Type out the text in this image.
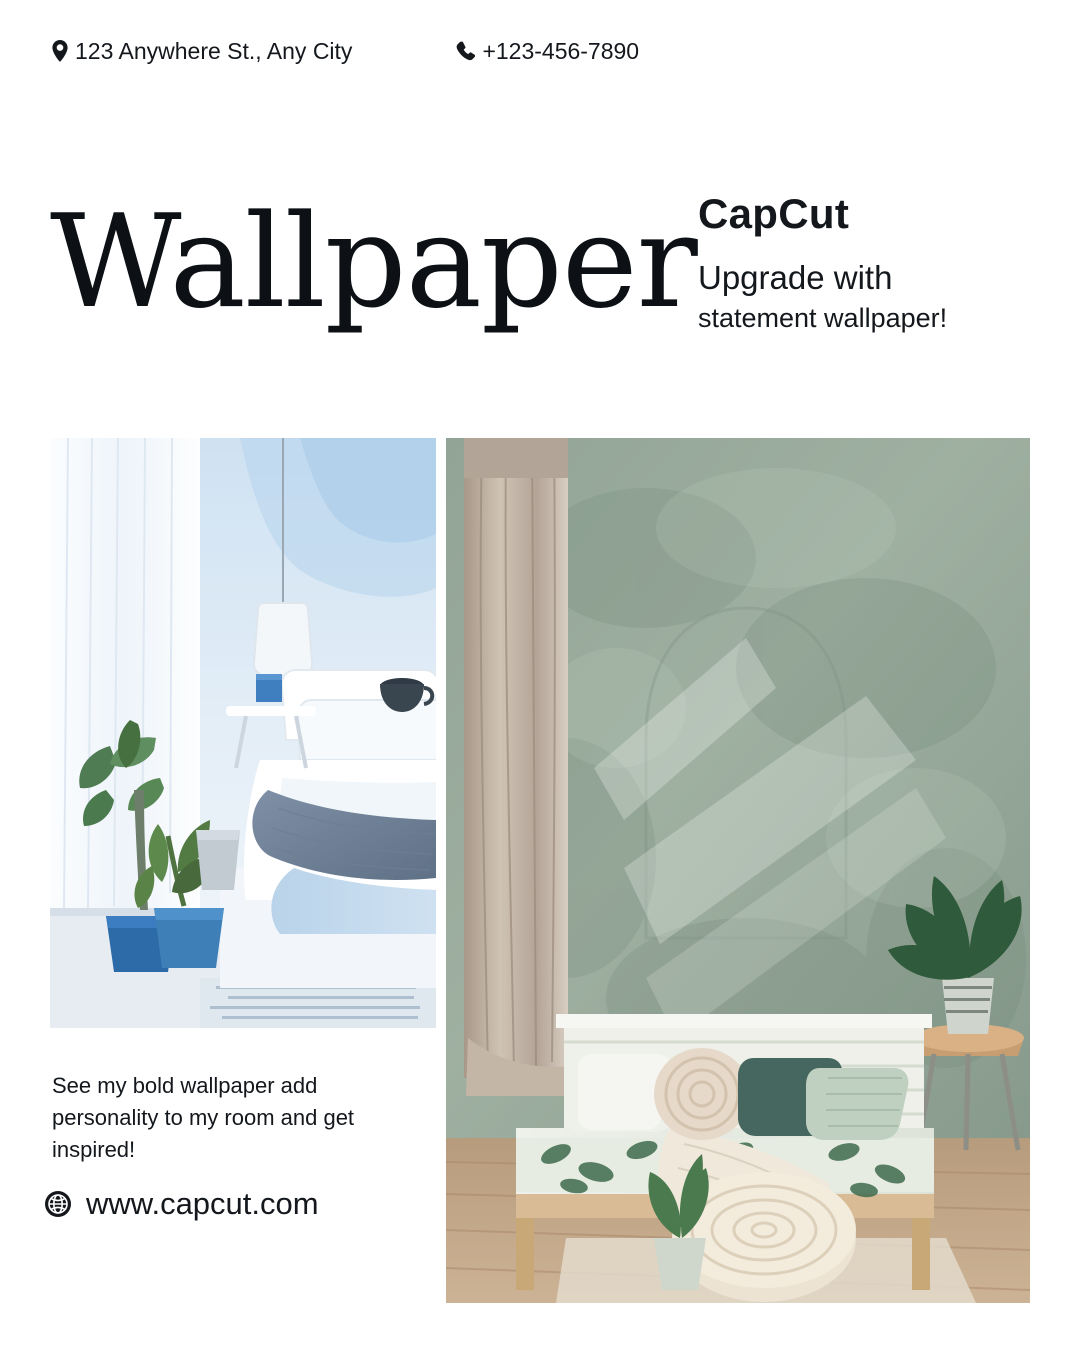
123 Anywhere St., Any City	+123-456-7890
Wallpaper CapCut
Upgrade with
statement wallpaper!
See my bold wallpaper add personality to my room and get inspired!
www.capcut.com
